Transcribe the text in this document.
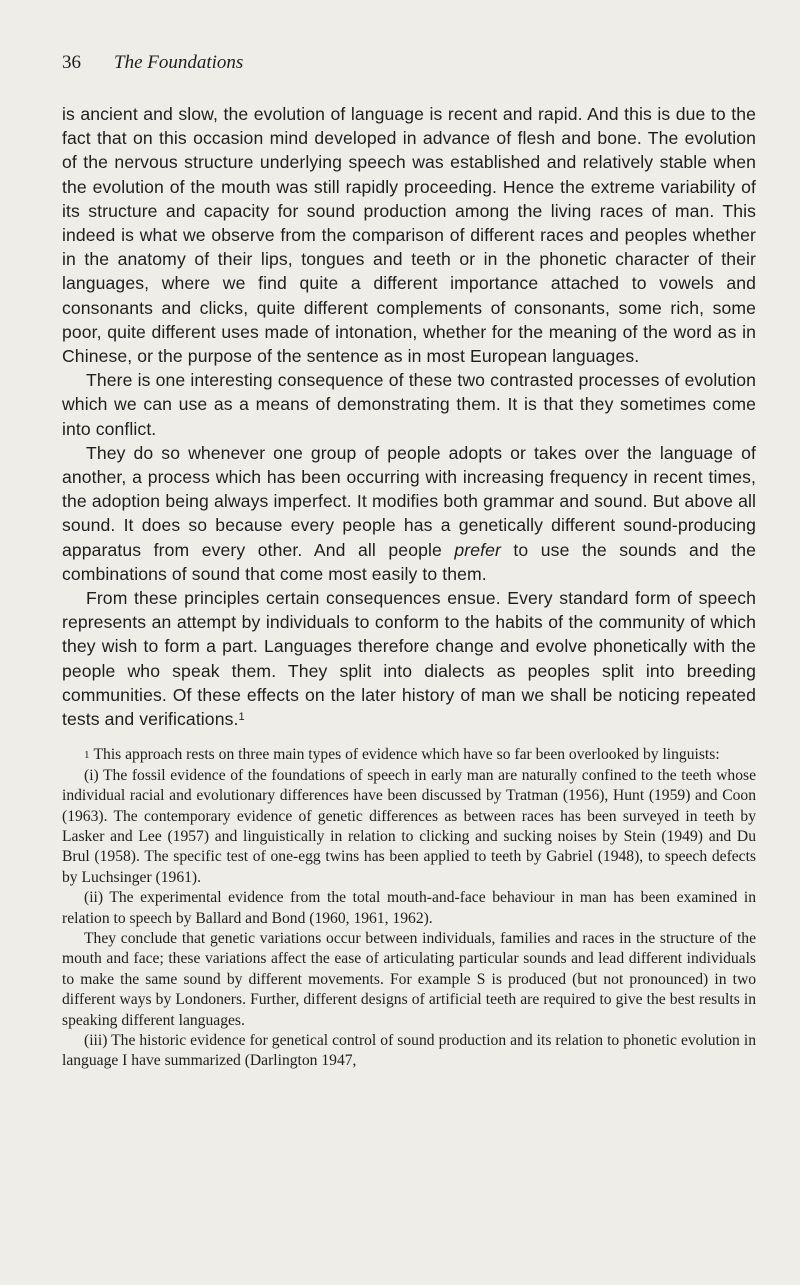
36 The Foundations

is ancient and slow, the evolution of language is recent and rapid. And this is due to the fact that on this occasion mind developed in advance of flesh and bone. The evolution of the nervous structure underlying speech was established and relatively stable when the evolution of the mouth was still rapidly proceeding. Hence the extreme variability of its structure and capacity for sound production among the living races of man. This indeed is what we observe from the comparison of different races and peoples whether in the anatomy of their lips, tongues and teeth or in the phonetic character of their languages, where we find quite a different importance attached to vowels and consonants and clicks, quite different complements of consonants, some rich, some poor, quite different uses made of intonation, whether for the meaning of the word as in Chinese, or the purpose of the sentence as in most European languages.

There is one interesting consequence of these two contrasted processes of evolution which we can use as a means of demonstrating them. It is that they sometimes come into conflict.

They do so whenever one group of people adopts or takes over the language of another, a process which has been occurring with increasing frequency in recent times, the adoption being always imperfect. It modifies both grammar and sound. But above all sound. It does so because every people has a genetically different sound-producing apparatus from every other. And all people prefer to use the sounds and the combinations of sound that come most easily to them.

From these principles certain consequences ensue. Every standard form of speech represents an attempt by individuals to conform to the habits of the community of which they wish to form a part. Languages therefore change and evolve phonetically with the people who speak them. They split into dialects as peoples split into breeding communities. Of these effects on the later history of man we shall be noticing repeated tests and verifications.$^1$

$^1$ This approach rests on three main types of evidence which have so far been overlooked by linguists:

(i) The fossil evidence of the foundations of speech in early man are naturally confined to the teeth whose individual racial and evolutionary differences have been discussed by Tratman (1956), Hunt (1959) and Coon (1963). The contemporary evidence of genetic differences as between races has been surveyed in teeth by Lasker and Lee (1957) and linguistically in relation to clicking and sucking noises by Stein (1949) and Du Brul (1958). The specific test of one-egg twins has been applied to teeth by Gabriel (1948), to speech defects by Luchsinger (1961).

(ii) The experimental evidence from the total mouth-and-face behaviour in man has been examined in relation to speech by Ballard and Bond (1960, 1961, 1962).

They conclude that genetic variations occur between individuals, families and races in the structure of the mouth and face; these variations affect the ease of articulating particular sounds and lead different individuals to make the same sound by different movements. For example S is produced (but not pronounced) in two different ways by Londoners. Further, different designs of artificial teeth are required to give the best results in speaking different languages.

(iii) The historic evidence for genetical control of sound production and its relation to phonetic evolution in language I have summarized (Darlington 1947,
